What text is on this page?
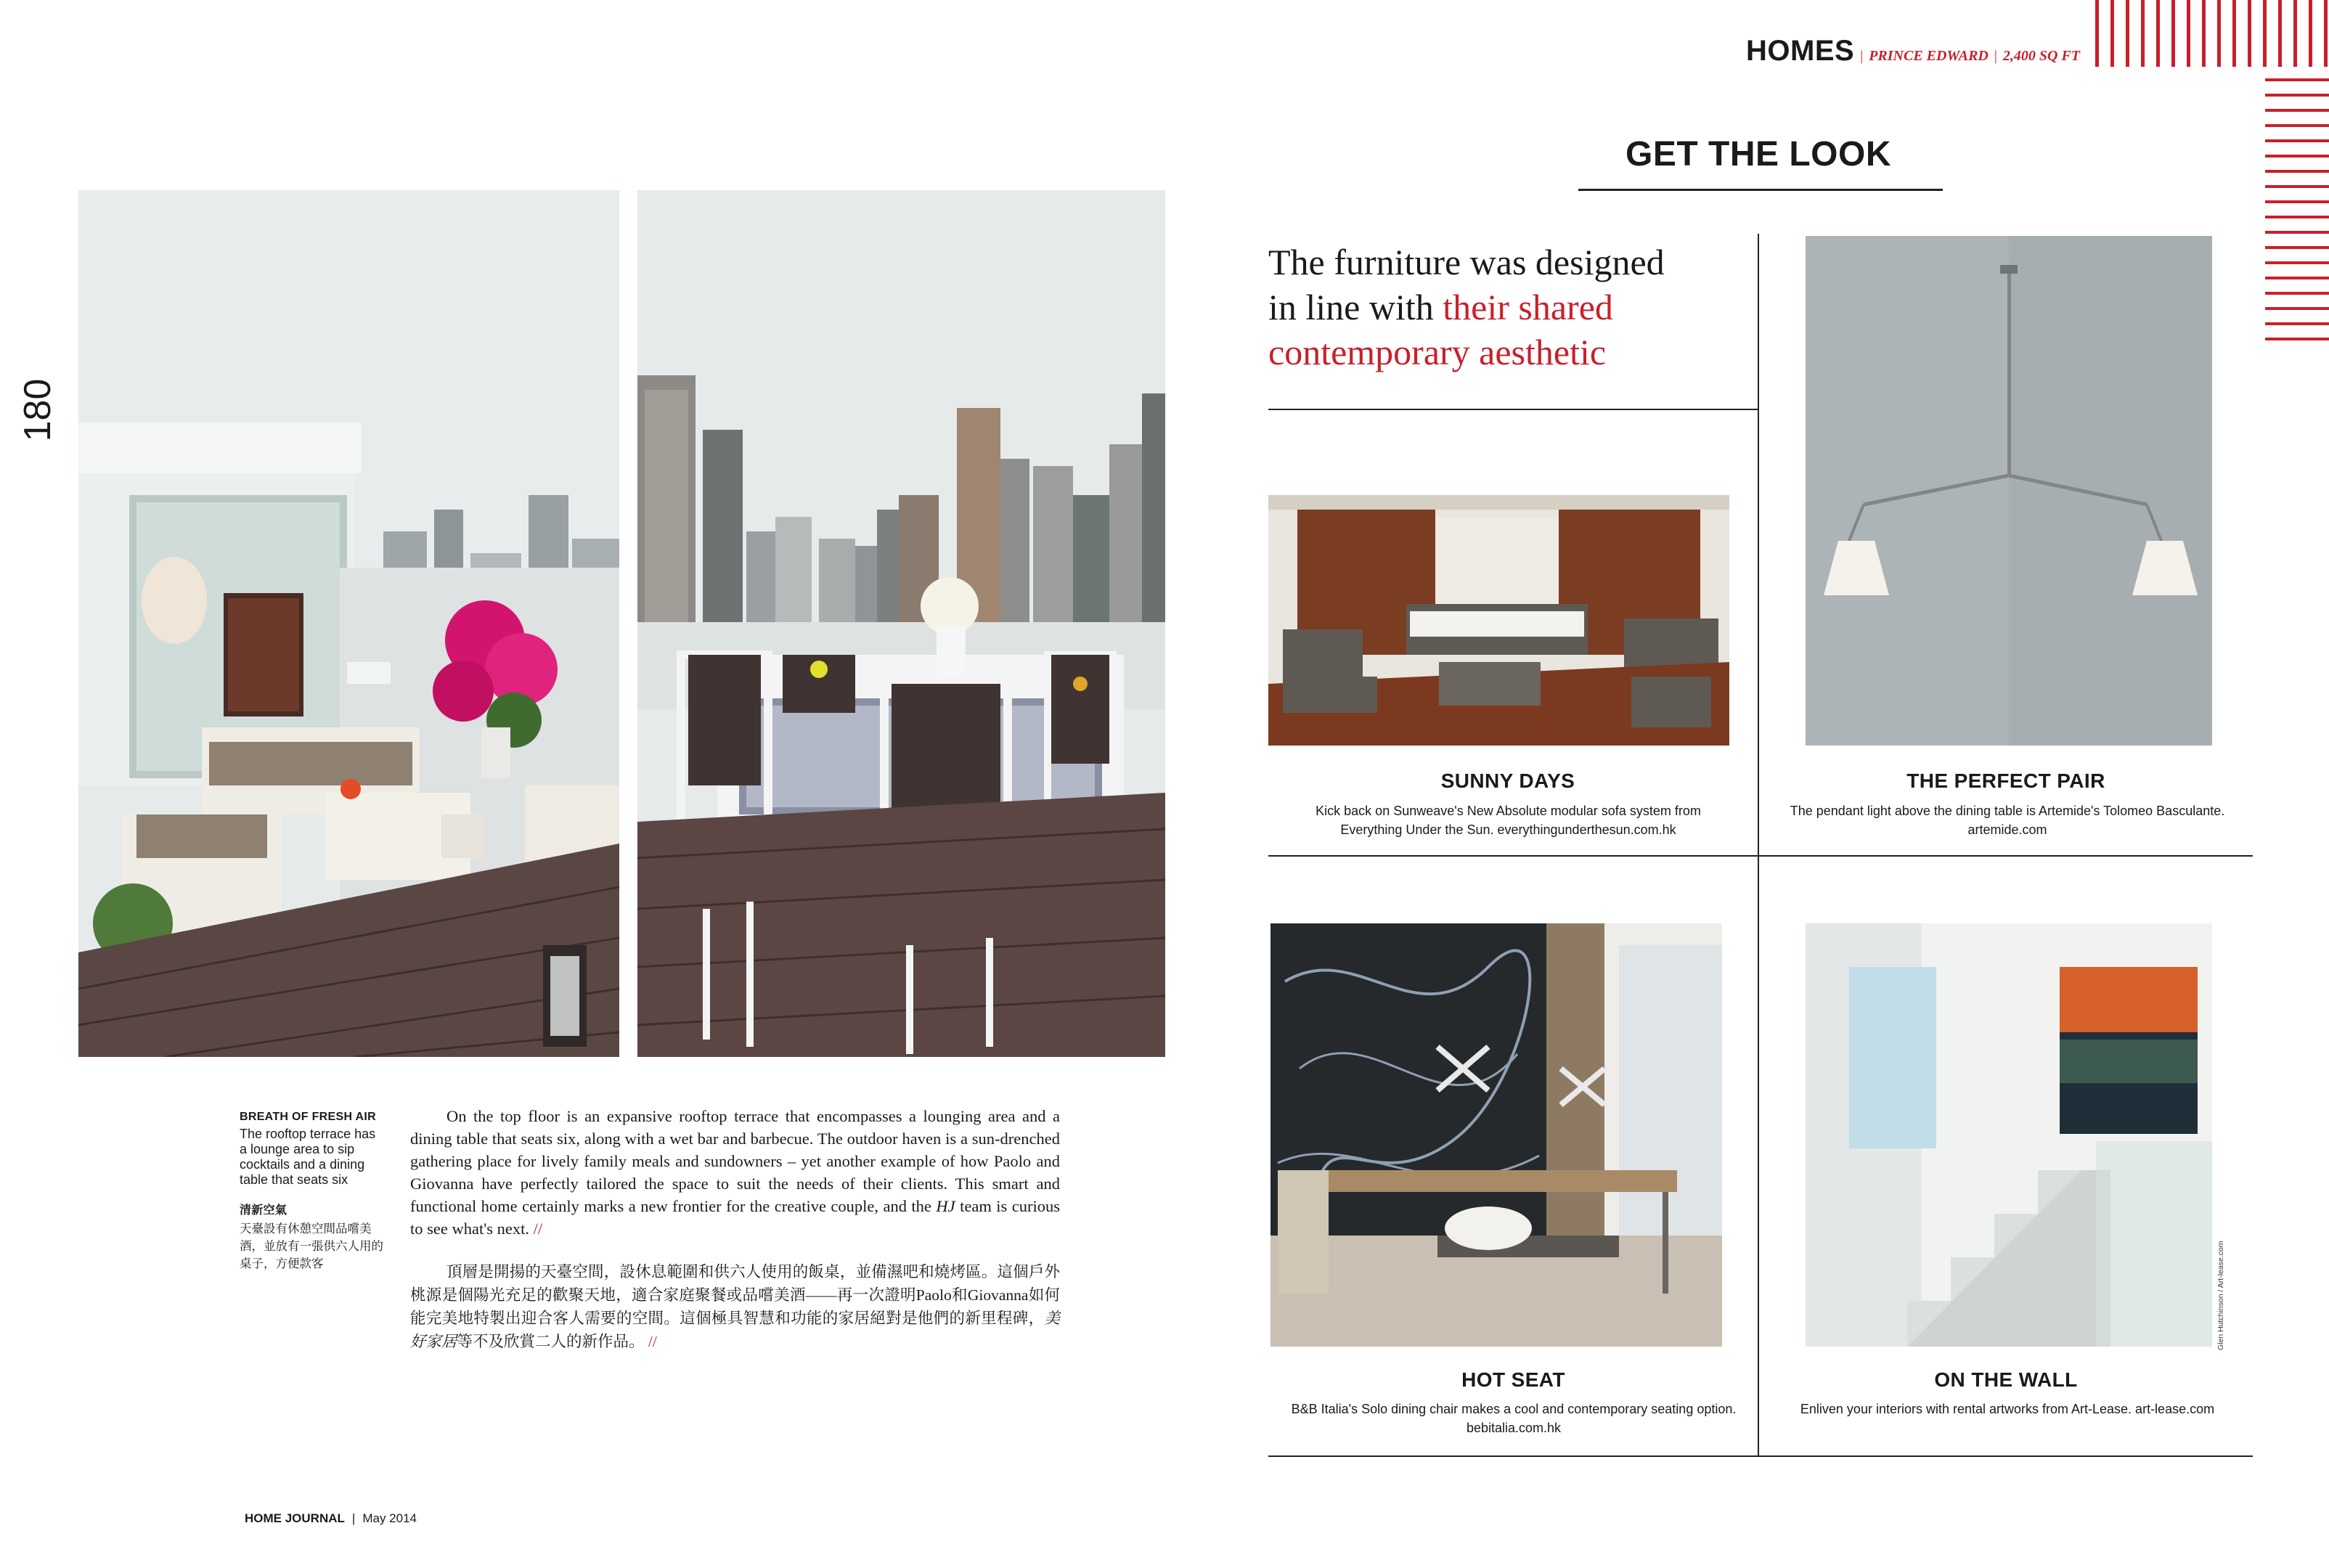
HOMES | PRINCE EDWARD | 2,400 SQ FT
180
BREATH OF FRESH AIR
The rooftop terrace has a lounge area to sip cocktails and a dining table that seats six
清新空氣
天臺設有休憩空間品嚐美酒，並放有一張供六人用的桌子，方便款客

On the top floor is an expansive rooftop terrace that encompasses a lounging area and a dining table that seats six, along with a wet bar and barbecue. The outdoor haven is a sun-drenched gathering place for lively family meals and sundowners – yet another example of how Paolo and Giovanna have perfectly tailored the space to suit the needs of their clients. This smart and functional home certainly marks a new frontier for the creative couple, and the HJ team is curious to see what's next. //

頂層是開揚的天臺空間，設休息範圍和供六人使用的飯桌，並備濕吧和燒烤區。這個戶外桃源是個陽光充足的歡聚天地，適合家庭聚餐或品嚐美酒——再一次證明Paolo和Giovanna如何能完美地特製出迎合客人需要的空間。這個極具智慧和功能的家居絕對是他們的新里程碑，美好家居等不及欣賞二人的新作品。 //

HOME JOURNAL | May 2014
GET THE LOOK
The furniture was designed
in line with their shared
contemporary aesthetic
SUNNY DAYS
Kick back on Sunweave's New Absolute modular sofa system from Everything Under the Sun. everythingunderthesun.com.hk
THE PERFECT PAIR
The pendant light above the dining table is Artemide's Tolomeo Basculante. artemide.com
HOT SEAT
B&B Italia's Solo dining chair makes a cool and contemporary seating option. bebitalia.com.hk
ON THE WALL
Enliven your interiors with rental artworks from Art-Lease. art-lease.com
Glen Hutchinson / Art-lease.com
